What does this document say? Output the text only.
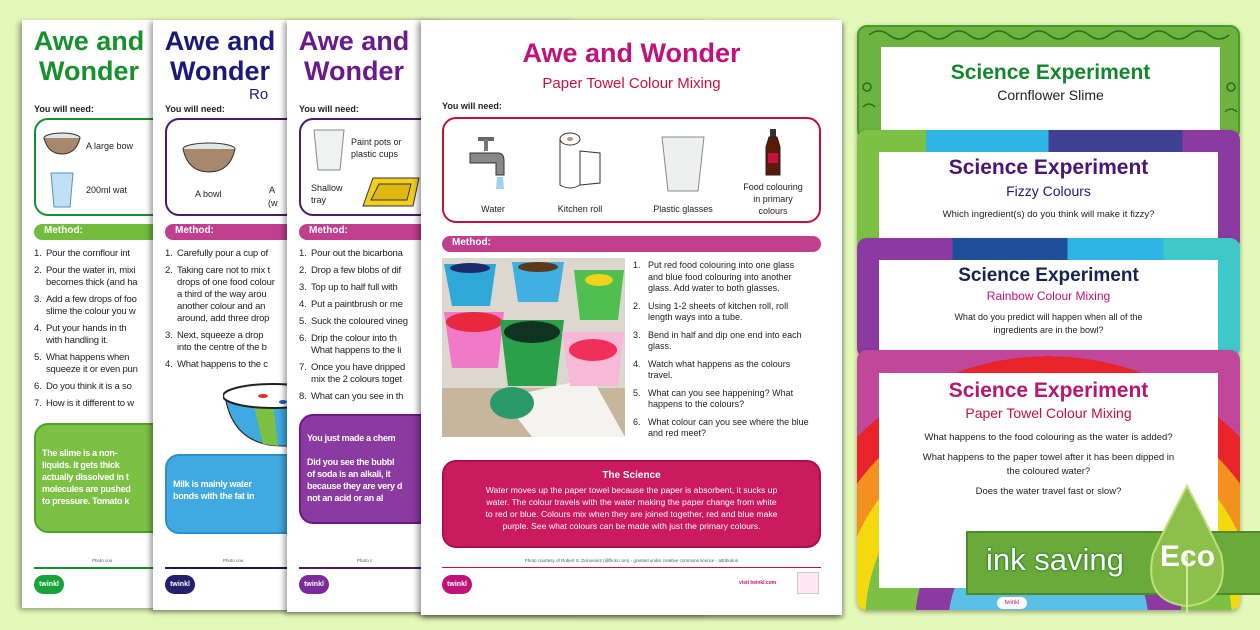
Awe and Wonder
You will need:
A large bow
200ml wat
Method:
1. Pour the cornflour int
2. Pour the water in, mixi
becomes thick (and ha
3. Add a few drops of foo
slime the colour you w
4. Put your hands in th
with handling it.
5. What happens when
squeeze it or even pun
6. Do you think it is a so
7. How is it different to w
The slime is a non-
liquids. It gets thick
actually dissolved in t
molecules are pushed
to pressure. Tomato k
Photo cou
twinkl
Awe and Wonder
Ro
You will need:
A bowl	A
(w
Method:
1. Carefully pour a cup of
2. Taking care not to mix t
drops of one food colour
a third of the way arou
another colour and an
around, add three drop
3. Next, squeeze a drop
into the centre of the b
4. What happens to the c
Milk is mainly water
bonds with the fat in
Photo cou
twinkl
Awe and Wonder
You will need:
Paint pots or
plastic cups
Shallow
tray
Method:
1. Pour out the bicarbona
2. Drop a few blobs of dif
3. Top up to half full with
4. Put a paintbrush or me
5. Suck the coloured vineg
6. Drip the colour into th
What happens to the li
7. Once you have dripped
mix the 2 colours toget
8. What can you see in th
You just made a chem
Did you see the bubbl
of soda is an alkali, it
because they are very d
not an acid or an al
Photo c
twinkl
Awe and Wonder
Paper Towel Colour Mixing
You will need:
Water	Kitchen roll	Plastic glasses
Food colouring
in primary
colours
Method:
1. Put red food colouring into one glass
and blue food colouring into another
glass. Add water to both glasses.
2. Using 1-2 sheets of kitchen roll, roll
length ways into a tube.
3. Bend in half and dip one end into each
glass.
4. Watch what happens as the colours
travel.
5. What can you see happening? What
happens to the colours?
6. What colour can you see where the blue
and red meet?
The Science
Water moves up the paper towel because the paper is absorbent, it sucks up
water. The colour travels with the water making the paper change from white
to red or blue. Colours mix when they are joined together, red and blue make
purple. See what colours can be made with just the primary colours.
Photo courtesy of Robert S. Donovan2 (@flickr.com) - granted under creative commons licence - attribution
twinkl	visit twinkl.com
Science Experiment
Cornflower Slime
Science Experiment
Fizzy Colours
Which ingredient(s) do you think will make it fizzy?
Science Experiment
Rainbow Colour Mixing
What do you predict will happen when all of the
ingredients are in the bowl?
Science Experiment
Paper Towel Colour Mixing
What happens to the food colouring as the water is added?
What happens to the paper towel after it has been dipped in
the coloured water?
Does the water travel fast or slow?
twinkl
ink saving Eco
